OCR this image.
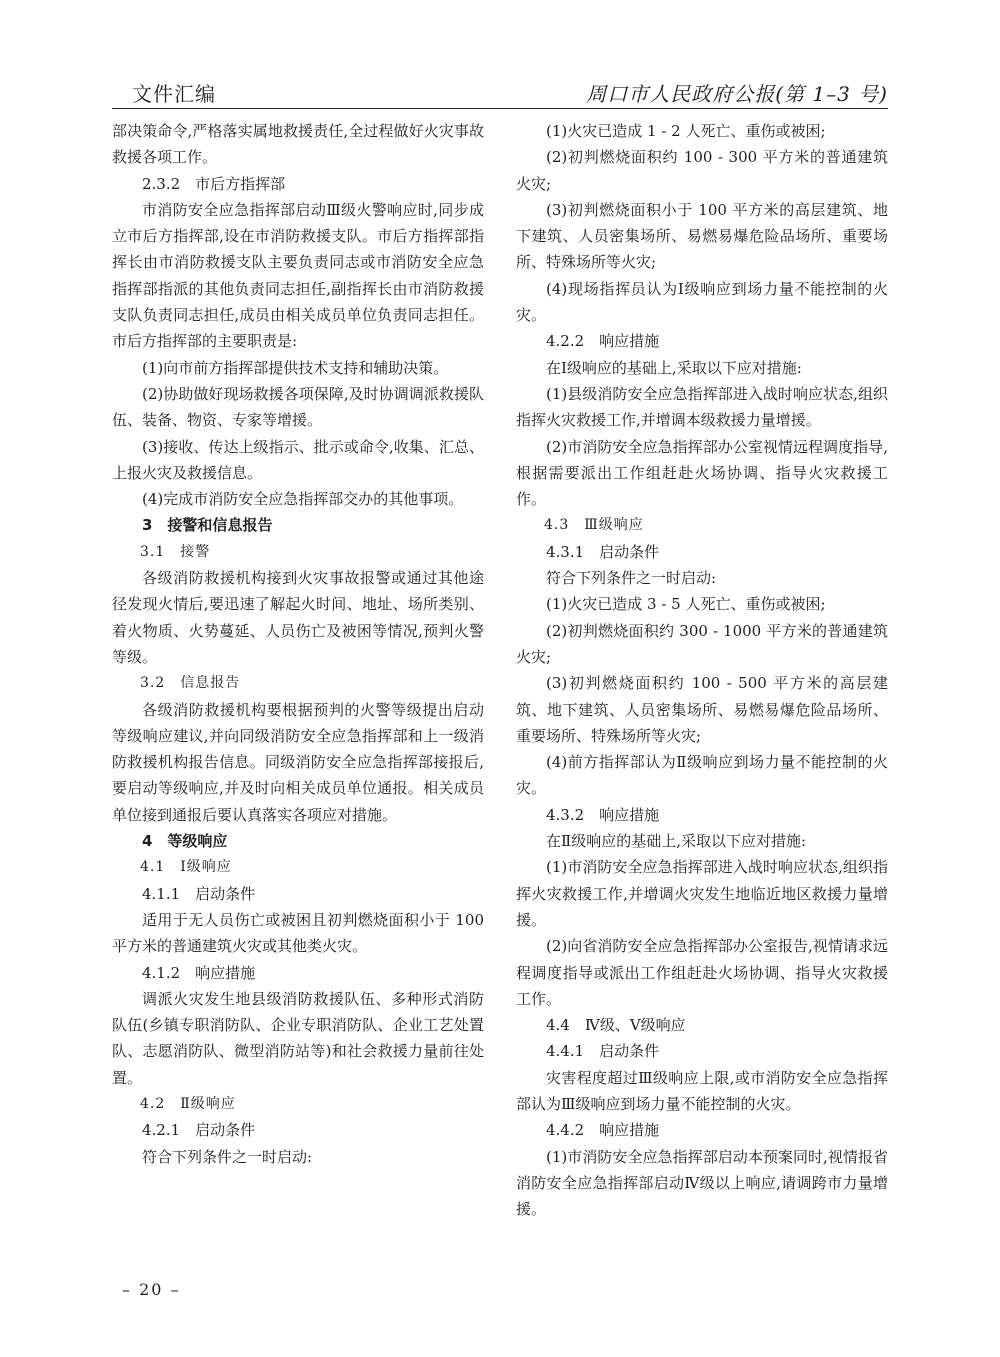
文件汇编	周口市人民政府公报(第 1–3 号)

部决策命令,严格落实属地救援责任,全过程做好火灾事故救援各项工作。

2.3.2　市后方指挥部

市消防安全应急指挥部启动Ⅲ级火警响应时,同步成立市后方指挥部,设在市消防救援支队。市后方指挥部指挥长由市消防救援支队主要负责同志或市消防安全应急指挥部指派的其他负责同志担任,副指挥长由市消防救援支队负责同志担任,成员由相关成员单位负责同志担任。市后方指挥部的主要职责是:

(1)向市前方指挥部提供技术支持和辅助决策。

(2)协助做好现场救援各项保障,及时协调调派救援队伍、装备、物资、专家等增援。

(3)接收、传达上级指示、批示或命令,收集、汇总、上报火灾及救援信息。

(4)完成市消防安全应急指挥部交办的其他事项。

3　接警和信息报告

3.1　接警

各级消防救援机构接到火灾事故报警或通过其他途径发现火情后,要迅速了解起火时间、地址、场所类别、着火物质、火势蔓延、人员伤亡及被困等情况,预判火警等级。

3.2　信息报告

各级消防救援机构要根据预判的火警等级提出启动等级响应建议,并向同级消防安全应急指挥部和上一级消防救援机构报告信息。同级消防安全应急指挥部接报后,要启动等级响应,并及时向相关成员单位通报。相关成员单位接到通报后要认真落实各项应对措施。

4　等级响应

4.1　Ⅰ级响应

4.1.1　启动条件

适用于无人员伤亡或被困且初判燃烧面积小于 100 平方米的普通建筑火灾或其他类火灾。

4.1.2　响应措施

调派火灾发生地县级消防救援队伍、多种形式消防队伍(乡镇专职消防队、企业专职消防队、企业工艺处置队、志愿消防队、微型消防站等)和社会救援力量前往处置。

4.2　Ⅱ级响应

4.2.1　启动条件

符合下列条件之一时启动:

(1)火灾已造成 1 - 2 人死亡、重伤或被困;

(2)初判燃烧面积约 100 - 300 平方米的普通建筑火灾;

(3)初判燃烧面积小于 100 平方米的高层建筑、地下建筑、人员密集场所、易燃易爆危险品场所、重要场所、特殊场所等火灾;

(4)现场指挥员认为Ⅰ级响应到场力量不能控制的火灾。

4.2.2　响应措施

在Ⅰ级响应的基础上,采取以下应对措施:

(1)县级消防安全应急指挥部进入战时响应状态,组织指挥火灾救援工作,并增调本级救援力量增援。

(2)市消防安全应急指挥部办公室视情远程调度指导,根据需要派出工作组赶赴火场协调、指导火灾救援工作。

4.3　Ⅲ级响应

4.3.1　启动条件

符合下列条件之一时启动:

(1)火灾已造成 3 - 5 人死亡、重伤或被困;

(2)初判燃烧面积约 300 - 1000 平方米的普通建筑火灾;

(3)初判燃烧面积约 100 - 500 平方米的高层建筑、地下建筑、人员密集场所、易燃易爆危险品场所、重要场所、特殊场所等火灾;

(4)前方指挥部认为Ⅱ级响应到场力量不能控制的火灾。

4.3.2　响应措施

在Ⅱ级响应的基础上,采取以下应对措施:

(1)市消防安全应急指挥部进入战时响应状态,组织指挥火灾救援工作,并增调火灾发生地临近地区救援力量增援。

(2)向省消防安全应急指挥部办公室报告,视情请求远程调度指导或派出工作组赶赴火场协调、指导火灾救援工作。

4.4　Ⅳ级、Ⅴ级响应

4.4.1　启动条件

灾害程度超过Ⅲ级响应上限,或市消防安全应急指挥部认为Ⅲ级响应到场力量不能控制的火灾。

4.4.2　响应措施

(1)市消防安全应急指挥部启动本预案同时,视情报省消防安全应急指挥部启动Ⅳ级以上响应,请调跨市力量增援。

– 20 –
